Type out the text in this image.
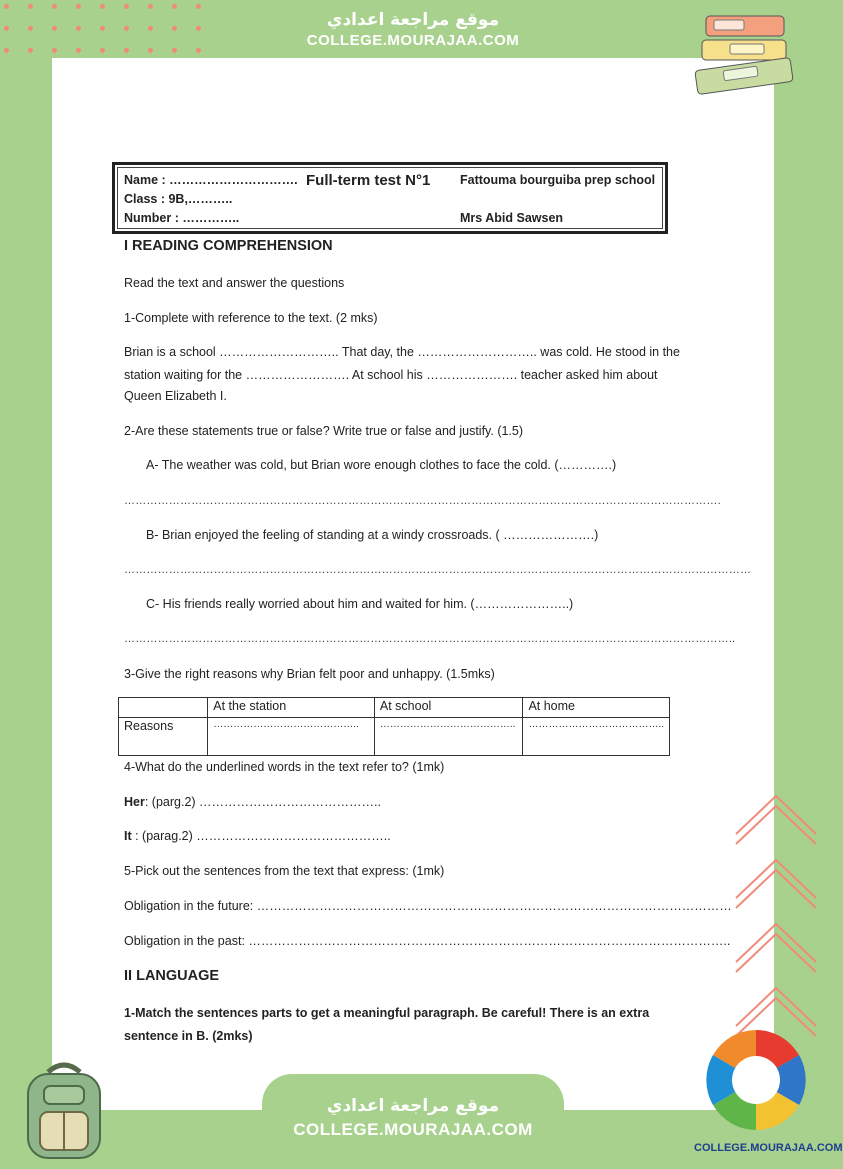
موقع مراجعة اعدادي
COLLEGE.MOURAJAA.COM
موقع مراجعة اعدادي
COLLEGE.MOURAJAA.COM
COLLEGE.MOURAJAA.COM
Name : ………………………….
Class : 9B,………..
Number : …………..
Full-term test N°1 Fattouma bourguiba prep school
Mrs Abid Sawsen
I READING COMPREHENSION
Read the text and answer the questions
1-Complete with reference to the text. (2 mks)
Brian is a school ……………………….. That day, the ……………………….. was cold. He stood in the
station waiting for the ……………………. At school his …………………. teacher asked him about
Queen Elizabeth I.
2-Are these statements true or false? Write true or false and justify. (1.5)
A- The weather was cold, but Brian wore enough clothes to face the cold. (………….)
…………………………………………………………………………………………………………………………………………….
B- Brian enjoyed the feeling of standing at a windy crossroads. ( ………………….)
……………………………………………………………………………………………………………………………………………………
C- His friends really worried about him and waited for him. (…………………..)
………………………………………………………………………………………………………………………………………………..
3-Give the right reasons why Brian felt poor and unhappy. (1.5mks)
	At the station	At school	At home
Reasons	……………………………………..	…………………………………..	…………………………………..
4-What do the underlined words in the text refer to? (1mk)
Her: (parg.2) ……………………………………..
It : (parag.2) ………………………………………..
5-Pick out the sentences from the text that express: (1mk)
Obligation in the future: ……………………………………………………………………………………………………
Obligation in the past: ……………………………………………………………………………………………………..
II LANGUAGE
1-Match the sentences parts to get a meaningful paragraph. Be careful! There is an extra
sentence in B. (2mks)
